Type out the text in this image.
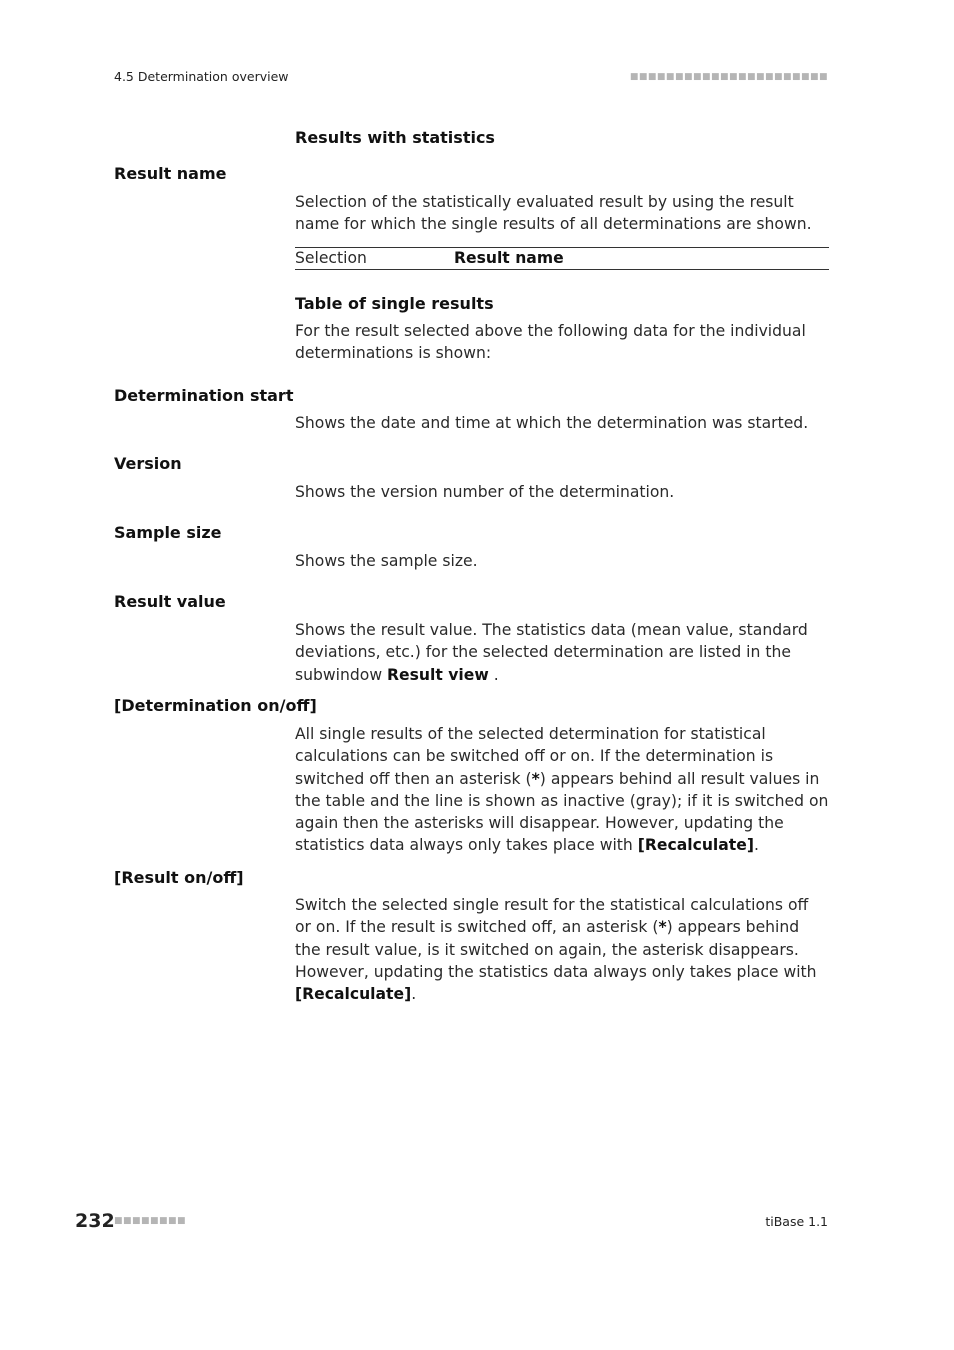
4.5 Determination overview	■■■■■■■■■■■■■■■■■■■■■■
Results with statistics
Result name
Selection of the statistically evaluated result by using the result name for which the single results of all determinations are shown.
Selection	Result name
Table of single results
For the result selected above the following data for the individual determinations is shown:
Determination start
Shows the date and time at which the determination was started.
Version
Shows the version number of the determination.
Sample size
Shows the sample size.
Result value
Shows the result value. The statistics data (mean value, standard deviations, etc.) for the selected determination are listed in the subwindow Result view .
[Determination on/off]
All single results of the selected determination for statistical calculations can be switched off or on. If the determination is switched off then an asterisk (*) appears behind all result values in the table and the line is shown as inactive (gray); if it is switched on again then the asterisks will disappear. However, updating the statistics data always only takes place with [Recalculate].
[Result on/off]
Switch the selected single result for the statistical calculations off or on. If the result is switched off, an asterisk (*) appears behind the result value, is it switched on again, the asterisk disappears. However, updating the statistics data always only takes place with [Recalculate].
232 ■■■■■■■■	tiBase 1.1
